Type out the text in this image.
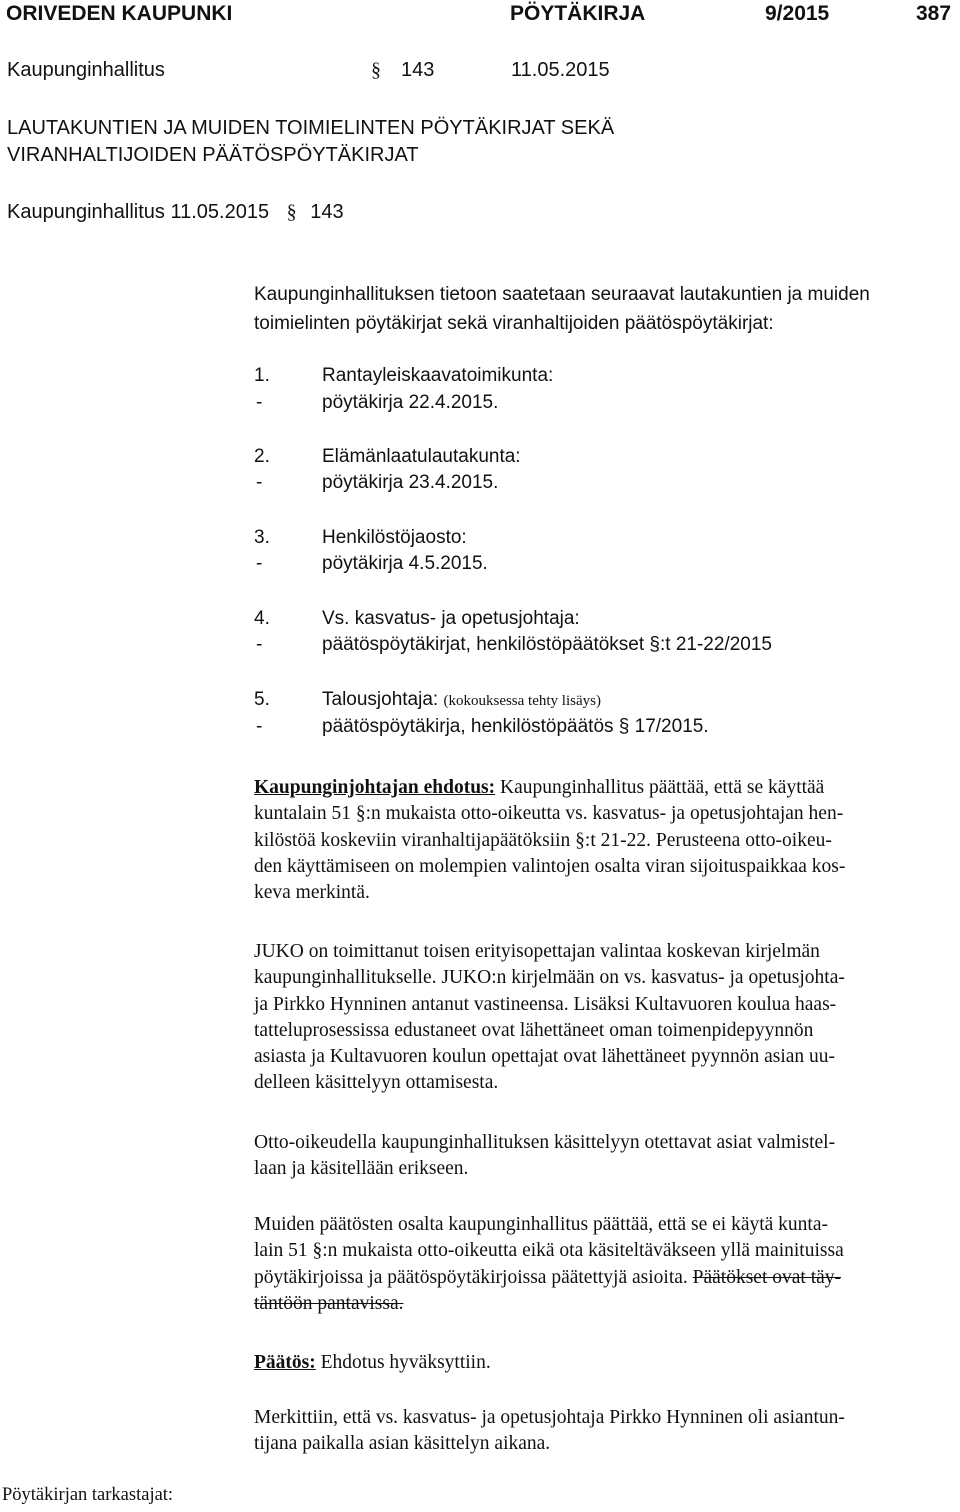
ORIVEDEN KAUPUNKI	PÖYTÄKIRJA	9/2015	387
Kaupunginhallitus	§ 143	11.05.2015
LAUTAKUNTIEN JA MUIDEN TOIMIELINTEN PÖYTÄKIRJAT SEKÄ
VIRANHALTIJOIDEN PÄÄTÖSPÖYTÄKIRJAT
Kaupunginhallitus 11.05.2015 § 143
Kaupunginhallituksen tietoon saatetaan seuraavat lautakuntien ja muiden
toimielinten pöytäkirjat sekä viranhaltijoiden päätöspöytäkirjat:
1.	Rantayleiskaavatoimikunta:
-	pöytäkirja 22.4.2015.
2.	Elämänlaatulautakunta:
-	pöytäkirja 23.4.2015.
3.	Henkilöstöjaosto:
-	pöytäkirja 4.5.2015.
4.	Vs. kasvatus- ja opetusjohtaja:
-	päätöspöytäkirjat, henkilöstöpäätökset §:t 21-22/2015
5.	Talousjohtaja: (kokouksessa tehty lisäys)
-	päätöspöytäkirja, henkilöstöpäätös § 17/2015.
Kaupunginjohtajan ehdotus: Kaupunginhallitus päättää, että se käyttää
kuntalain 51 §:n mukaista otto-oikeutta vs. kasvatus- ja opetusjohtajan hen-
kilöstöä koskeviin viranhaltijapäätöksiin §:t 21-22. Perusteena otto-oikeu-
den käyttämiseen on molempien valintojen osalta viran sijoituspaikkaa kos-
keva merkintä.
JUKO on toimittanut toisen erityisopettajan valintaa koskevan kirjelmän
kaupunginhallitukselle. JUKO:n kirjelmään on vs. kasvatus- ja opetusjohta-
ja Pirkko Hynninen antanut vastineensa. Lisäksi Kultavuoren koulua haas-
tatteluprosessissa edustaneet ovat lähettäneet oman toimenpidepyynnön
asiasta ja Kultavuoren koulun opettajat ovat lähettäneet pyynnön asian uu-
delleen käsittelyyn ottamisesta.
Otto-oikeudella kaupunginhallituksen käsittelyyn otettavat asiat valmistel-
laan ja käsitellään erikseen.
Muiden päätösten osalta kaupunginhallitus päättää, että se ei käytä kunta-
lain 51 §:n mukaista otto-oikeutta eikä ota käsiteltäväkseen yllä mainituissa
pöytäkirjoissa ja päätöspöytäkirjoissa päätettyjä asioita. Päätökset ovat täy-
täntöön pantavissa.
Päätös: Ehdotus hyväksyttiin.
Merkittiin, että vs. kasvatus- ja opetusjohtaja Pirkko Hynninen oli asiantun-
tijana paikalla asian käsittelyn aikana.
Pöytäkirjan tarkastajat:
